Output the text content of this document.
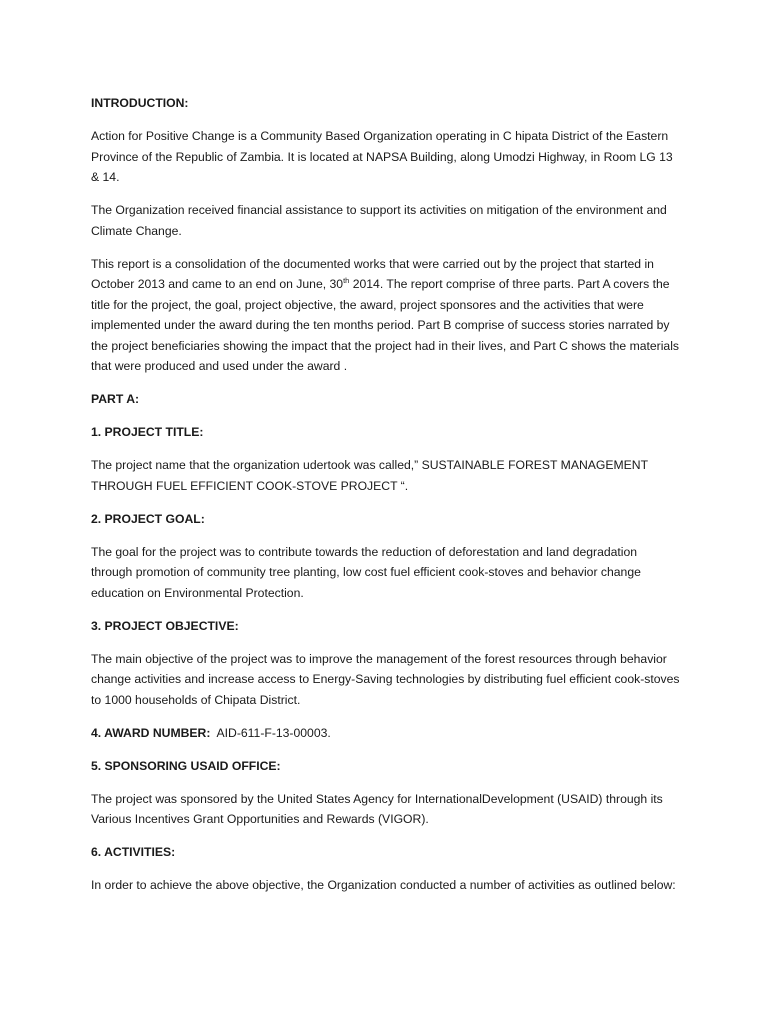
INTRODUCTION:

Action for Positive Change is a Community Based Organization operating in C hipata District of the Eastern Province of the Republic of Zambia. It is located at NAPSA Building, along Umodzi Highway, in Room LG 13 & 14.

The Organization received financial assistance to support its activities on mitigation of the environment and Climate Change.

This report is a consolidation of the documented works that were carried out by the project that started in October 2013 and came to an end on June, 30th 2014. The report comprise of three parts. Part A covers the title for the project, the goal, project objective, the award, project sponsores and the activities that were implemented under the award during the ten months period. Part B comprise of success stories narrated by the project beneficiaries showing the impact that the project had in their lives, and Part C shows the materials that were produced and used under the award .

PART A:

1. PROJECT TITLE:

The project name that the organization udertook was called,” SUSTAINABLE FOREST MANAGEMENT THROUGH FUEL EFFICIENT COOK-STOVE PROJECT “.

2. PROJECT GOAL:

The goal for the project was to contribute towards the reduction of deforestation and land degradation through promotion of community tree planting, low cost fuel efficient cook-stoves and behavior change education on Environmental Protection.

3. PROJECT OBJECTIVE:

The main objective of the project was to improve the management of the forest resources through behavior change activities and increase access to Energy-Saving technologies by distributing fuel efficient cook-stoves to 1000 households of Chipata District.

4. AWARD NUMBER: AID-611-F-13-00003.

5. SPONSORING USAID OFFICE:

The project was sponsored by the United States Agency for InternationalDevelopment (USAID) through its Various Incentives Grant Opportunities and Rewards (VIGOR).

6. ACTIVITIES:

In order to achieve the above objective, the Organization conducted a number of activities as outlined below:
